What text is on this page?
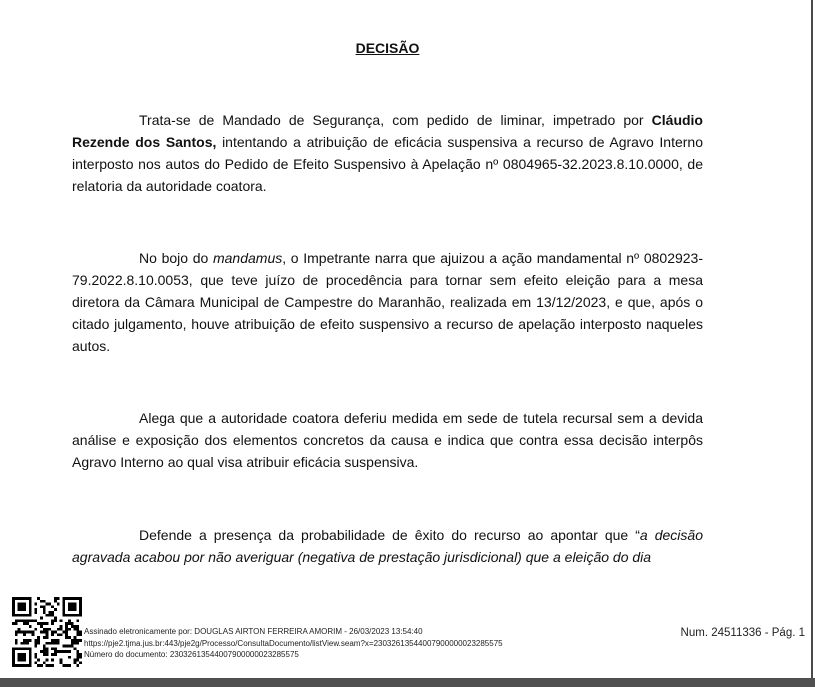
DECISÃO

Trata-se de Mandado de Segurança, com pedido de liminar, impetrado por Cláudio Rezende dos Santos, intentando a atribuição de eficácia suspensiva a recurso de Agravo Interno interposto nos autos do Pedido de Efeito Suspensivo à Apelação nº 0804965-32.2023.8.10.0000, de relatoria da autoridade coatora.

No bojo do mandamus, o Impetrante narra que ajuizou a ação mandamental nº 0802923-79.2022.8.10.0053, que teve juízo de procedência para tornar sem efeito eleição para a mesa diretora da Câmara Municipal de Campestre do Maranhão, realizada em 13/12/2023, e que, após o citado julgamento, houve atribuição de efeito suspensivo a recurso de apelação interposto naqueles autos.

Alega que a autoridade coatora deferiu medida em sede de tutela recursal sem a devida análise e exposição dos elementos concretos da causa e indica que contra essa decisão interpôs Agravo Interno ao qual visa atribuir eficácia suspensiva.

Defende a presença da probabilidade de êxito do recurso ao apontar que “a decisão agravada acabou por não averiguar (negativa de prestação jurisdicional) que a eleição do dia

Assinado eletronicamente por: DOUGLAS AIRTON FERREIRA AMORIM - 26/03/2023 13:54:40
https://pje2.tjma.jus.br:443/pje2g/Processo/ConsultaDocumento/listView.seam?x=23032613544007900000023285575
Número do documento: 23032613544007900000023285575
Num. 24511336 - Pág. 1
